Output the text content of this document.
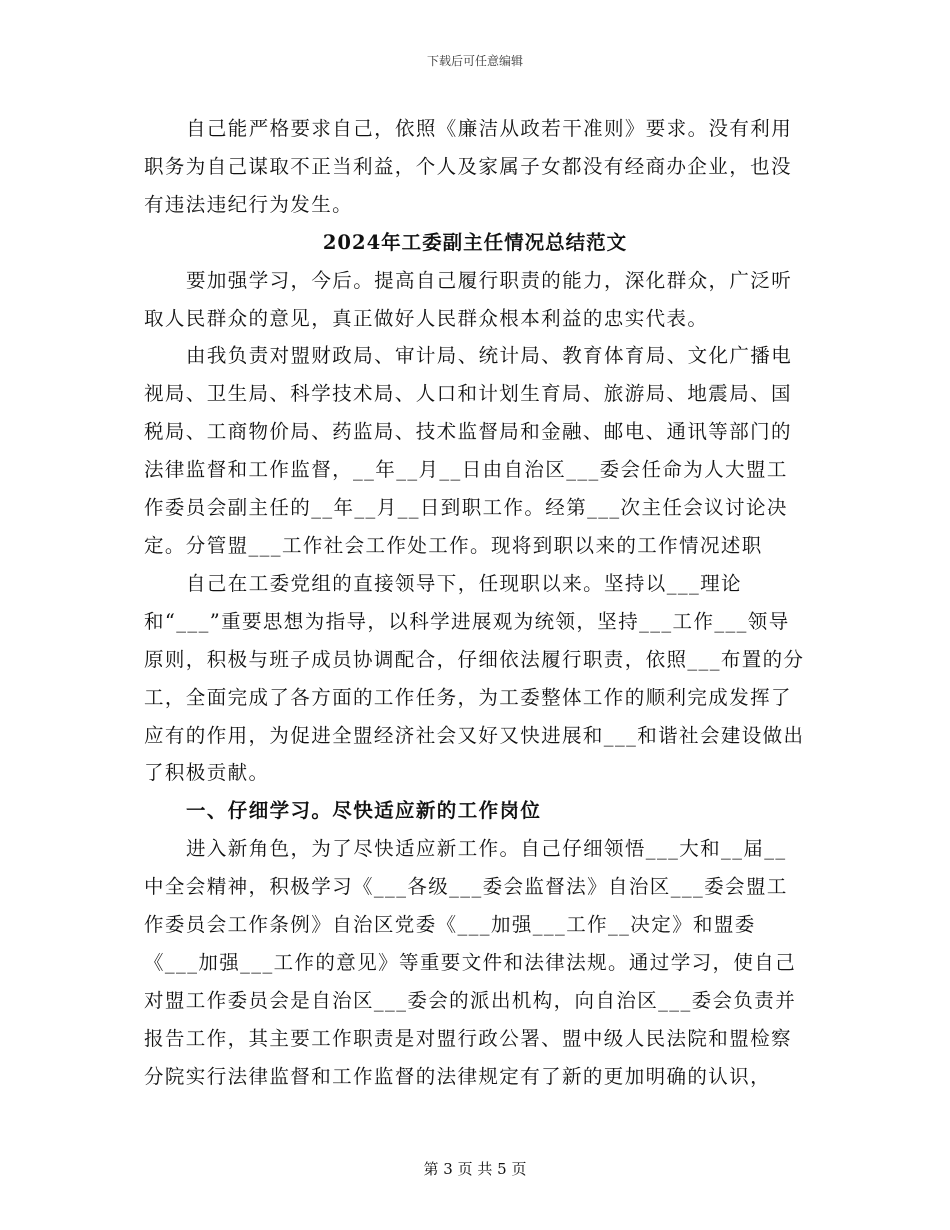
下载后可任意编辑

自己能严格要求自己，依照《廉洁从政若干准则》要求。没有利用职务为自己谋取不正当利益，个人及家属子女都没有经商办企业，也没有违法违纪行为发生。

2024年工委副主任情况总结范文

要加强学习，今后。提高自己履行职责的能力，深化群众，广泛听取人民群众的意见，真正做好人民群众根本利益的忠实代表。

由我负责对盟财政局、审计局、统计局、教育体育局、文化广播电视局、卫生局、科学技术局、人口和计划生育局、旅游局、地震局、国税局、工商物价局、药监局、技术监督局和金融、邮电、通讯等部门的法律监督和工作监督，__年__月__日由自治区___委会任命为人大盟工作委员会副主任的__年__月__日到职工作。经第___次主任会议讨论决定。分管盟___工作社会工作处工作。现将到职以来的工作情况述职

自己在工委党组的直接领导下，任现职以来。坚持以___理论和“___”重要思想为指导，以科学进展观为统领，坚持___工作___领导原则，积极与班子成员协调配合，仔细依法履行职责，依照___布置的分工，全面完成了各方面的工作任务，为工委整体工作的顺利完成发挥了应有的作用，为促进全盟经济社会又好又快进展和___和谐社会建设做出了积极贡献。

一、仔细学习。尽快适应新的工作岗位

进入新角色，为了尽快适应新工作。自己仔细领悟___大和__届__中全会精神，积极学习《___各级___委会监督法》自治区___委会盟工作委员会工作条例》自治区党委《___加强___工作__决定》和盟委《___加强___工作的意见》等重要文件和法律法规。通过学习，使自己对盟工作委员会是自治区___委会的派出机构，向自治区___委会负责并报告工作，其主要工作职责是对盟行政公署、盟中级人民法院和盟检察分院实行法律监督和工作监督的法律规定有了新的更加明确的认识，

第 3 页 共 5 页
